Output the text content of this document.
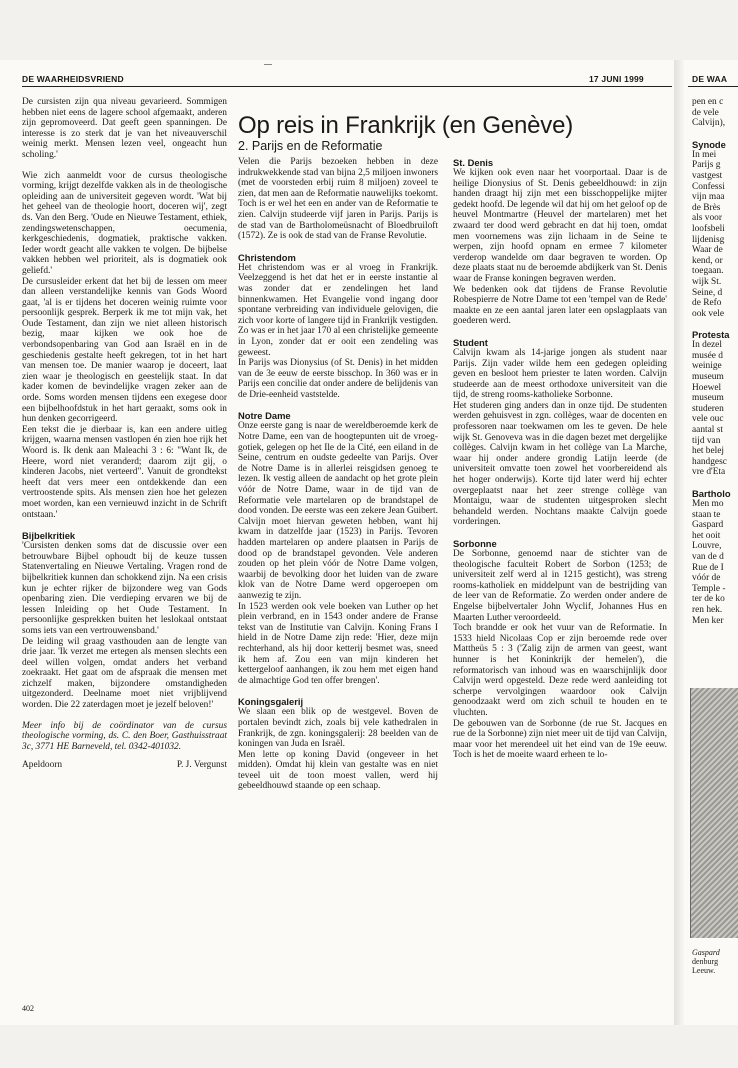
DE WAARHEIDSVRIEND	17 JUNI 1999	DE WAA

De cursisten zijn qua niveau gevarieerd. Sommigen hebben niet eens de lagere school afgemaakt, anderen zijn gepromoveerd. Dat geeft geen spanningen. De interesse is zo sterk dat je van het niveauverschil weinig merkt. Mensen lezen veel, ongeacht hun scholing.'

Wie zich aanmeldt voor de cursus theologische vorming, krijgt dezelfde vakken als in de theologische opleiding aan de universiteit gegeven wordt. 'Wat bij het geheel van de theologie hoort, doceren wij', zegt ds. Van den Berg. 'Oude en Nieuwe Testament, ethiek, zendingswetenschappen, oecumenia, kerkgeschiedenis, dogmatiek, praktische vakken. Ieder wordt geacht alle vakken te volgen. De bijbelse vakken hebben wel prioriteit, als is dogmatiek ook geliefd.'

De cursusleider erkent dat het bij de lessen om meer dan alleen verstandelijke kennis van Gods Woord gaat, 'al is er tijdens het doceren weinig ruimte voor persoonlijk gesprek. Berperk ik me tot mijn vak, het Oude Testament, dan zijn we niet alleen historisch bezig, maar kijken we ook hoe de verbondsopenbaring van God aan Israël en in de geschiedenis gestalte heeft gekregen, tot in het hart van mensen toe. De manier waarop je doceert, laat zien waar je theologisch en geestelijk staat. In dat kader komen de bevindelijke vragen zeker aan de orde. Soms worden mensen tijdens een exegese door een bijbelhoofdstuk in het hart geraakt, soms ook in hun denken gecorrigeerd.

Een tekst die je dierbaar is, kan een andere uitleg krijgen, waarna mensen vastlopen én zien hoe rijk het Woord is. Ik denk aan Maleachi 3 : 6: "Want Ik, de Heere, word niet veranderd; daarom zijt gij, o kinderen Jacobs, niet verteerd". Vanuit de grondtekst heeft dat vers meer een ontdekkende dan een vertroostende spits. Als mensen zien hoe het gelezen moet worden, kan een vernieuwd inzicht in de Schrift ontstaan.'

Bijbelkritiek

'Cursisten denken soms dat de discussie over een betrouwbare Bijbel ophoudt bij de keuze tussen Statenvertaling en Nieuwe Vertaling. Vragen rond de bijbelkritiek kunnen dan schokkend zijn. Na een crisis kun je echter rijker de bijzondere weg van Gods openbaring zien. Die verdieping ervaren we bij de lessen Inleiding op het Oude Testament. In persoonlijke gesprekken buiten het leslokaal ontstaat soms iets van een vertrouwensband.'

De leiding wil graag vasthouden aan de lengte van drie jaar. 'Ik verzet me ertegen als mensen slechts een deel willen volgen, omdat anders het verband zoekraakt. Het gaat om de afspraak die mensen met zichzelf maken, bijzondere omstandigheden uitgezonderd. Deelname moet niet vrijblijvend worden. Die 22 zaterdagen moet je jezelf beloven!'

Meer info bij de coördinator van de cursus theologische vorming, ds. C. den Boer, Gasthuisstraat 3c, 3771 HE Barneveld, tel. 0342-401032.

Apeldoorn	P. J. Vergunst
402
Op reis in Frankrijk (en Genève)
2. Parijs en de Reformatie

Velen die Parijs bezoeken hebben in deze indrukwekkende stad van bijna 2,5 miljoen inwoners (met de voorsteden erbij ruim 8 miljoen) zoveel te zien, dat men aan de Reformatie nauwelijks toekomt. Toch is er wel het een en ander van de Reformatie te zien. Calvijn studeerde vijf jaren in Parijs. Parijs is de stad van de Bartholomeüsnacht of Bloedbruiloft (1572). Ze is ook de stad van de Franse Revolutie.

Christendom

Het christendom was er al vroeg in Frankrijk. Veelzeggend is het dat het er in eerste instantie al was zonder dat er zendelingen het land binnenkwamen. Het Evangelie vond ingang door spontane verbreiding van individuele gelovigen, die zich voor korte of langere tijd in Frankrijk vestigden. Zo was er in het jaar 170 al een christelijke gemeente in Lyon, zonder dat er ooit een zendeling was geweest.

In Parijs was Dionysius (of St. Denis) in het midden van de 3e eeuw de eerste bisschop. In 360 was er in Parijs een concilie dat onder andere de belijdenis van de Drie-eenheid vaststelde.

Notre Dame

Onze eerste gang is naar de wereldberoemde kerk de Notre Dame, een van de hoogtepunten uit de vroeg-gotiek, gelegen op het Ile de la Cité, een eiland in de Seine, centrum en oudste gedeelte van Parijs. Over de Notre Dame is in allerlei reisgidsen genoeg te lezen. Ik vestig alleen de aandacht op het grote plein vóór de Notre Dame, waar in de tijd van de Reformatie vele martelaren op de brandstapel de dood vonden. De eerste was een zekere Jean Guibert. Calvijn moet hiervan geweten hebben, want hij kwam in datzelfde jaar (1523) in Parijs. Tevoren hadden martelaren op andere plaatsen in Parijs de dood op de brandstapel gevonden. Vele anderen zouden op het plein vóór de Notre Dame volgen, waarbij de bevolking door het luiden van de zware klok van de Notre Dame werd opgeroepen om aanwezig te zijn.

In 1523 werden ook vele boeken van Luther op het plein verbrand, en in 1543 onder andere de Franse tekst van de Institutie van Calvijn. Koning Frans I hield in de Notre Dame zijn rede: 'Hier, deze mijn rechterhand, als hij door ketterij besmet was, sneed ik hem af. Zou een van mijn kinderen het kettergeloof aanhangen, ik zou hem met eigen hand de almachtige God ten offer brengen'.

Koningsgalerij

We slaan een blik op de westgevel. Boven de portalen bevindt zich, zoals bij vele kathedralen in Frankrijk, de zgn. koningsgalerij: 28 beelden van de koningen van Juda en Israël.

Men lette op koning David (ongeveer in het midden). Omdat hij klein van gestalte was en niet teveel uit de toon moest vallen, werd hij gebeeldhouwd staande op een schaap.

St. Denis

We kijken ook even naar het voorportaal. Daar is de heilige Dionysius of St. Denis gebeeldhouwd: in zijn handen draagt hij zijn met een bisschoppelijke mijter gedekt hoofd. De legende wil dat hij om het geloof op de heuvel Montmartre (Heuvel der martelaren) met het zwaard ter dood werd gebracht en dat hij toen, omdat men voornemens was zijn lichaam in de Seine te werpen, zijn hoofd opnam en ermee 7 kilometer verderop wandelde om daar begraven te worden. Op deze plaats staat nu de beroemde abdijkerk van St. Denis waar de Franse koningen begraven werden.

We bedenken ook dat tijdens de Franse Revolutie Robespierre de Notre Dame tot een 'tempel van de Rede' maakte en ze een aantal jaren later een opslagplaats van goederen werd.

Student

Calvijn kwam als 14-jarige jongen als student naar Parijs. Zijn vader wilde hem een gedegen opleiding geven en besloot hem priester te laten worden. Calvijn studeerde aan de meest orthodoxe universiteit van die tijd, de streng rooms-katholieke Sorbonne.

Het studeren ging anders dan in onze tijd. De studenten werden gehuisvest in zgn. collèges, waar de docenten en professoren naar toekwamen om les te geven. De hele wijk St. Genoveva was in die dagen bezet met dergelijke collèges. Calvijn kwam in het collège van La Marche, waar hij onder andere grondig Latijn leerde (de universiteit omvatte toen zowel het voorbereidend als het hoger onderwijs). Korte tijd later werd hij echter overgeplaatst naar het zeer strenge collège van Montaigu, waar de studenten uitgesproken slecht behandeld werden. Nochtans maakte Calvijn goede vorderingen.

Sorbonne

De Sorbonne, genoemd naar de stichter van de theologische faculteit Robert de Sorbon (1253; de universiteit zelf werd al in 1215 gesticht), was streng rooms-katholiek en middelpunt van de bestrijding van de leer van de Reformatie. Zo werden onder andere de Engelse bijbelvertaler John Wyclif, Johannes Hus en Maarten Luther veroordeeld.

Toch brandde er ook het vuur van de Reformatie. In 1533 hield Nicolaas Cop er zijn beroemde rede over Mattheüs 5 : 3 ('Zalig zijn de armen van geest, want hunner is het Koninkrijk der hemelen'), die reformatorisch van inhoud was en waarschijnlijk door Calvijn werd opgesteld. Deze rede werd aanleiding tot scherpe vervolgingen waardoor ook Calvijn genoodzaakt werd om zich schuil te houden en te vluchten.

De gebouwen van de Sorbonne (de rue St. Jacques en rue de la Sorbonne) zijn niet meer uit de tijd van Calvijn, maar voor het merendeel uit het eind van de 19e eeuw. Toch is het de moeite waard erheen te lo-

pen en c
de vele
Calvijn),
Synode
In mei
Parijs g
vastgest
Confessi
vijn maa
de Brès
als voor
loofsbeli
lijdenisg
Waar de
kend, or
toegaan.
wijk St.
Seine, d
de Refo
ook vele
Protesta
In dezel
musée d
weinige
museum
Hoewel
museum
studeren
vele ouc
aantal st
tijd van
het belej
handgesc
vre d'Eta
Bartholo
Men mo
staan te
Gaspard
het ooit
Louvre,
van de d
Rue de I
vóór de
Temple -
ter de ko
ren hek.
Men ker
Gaspard
denburg
Leeuw.
